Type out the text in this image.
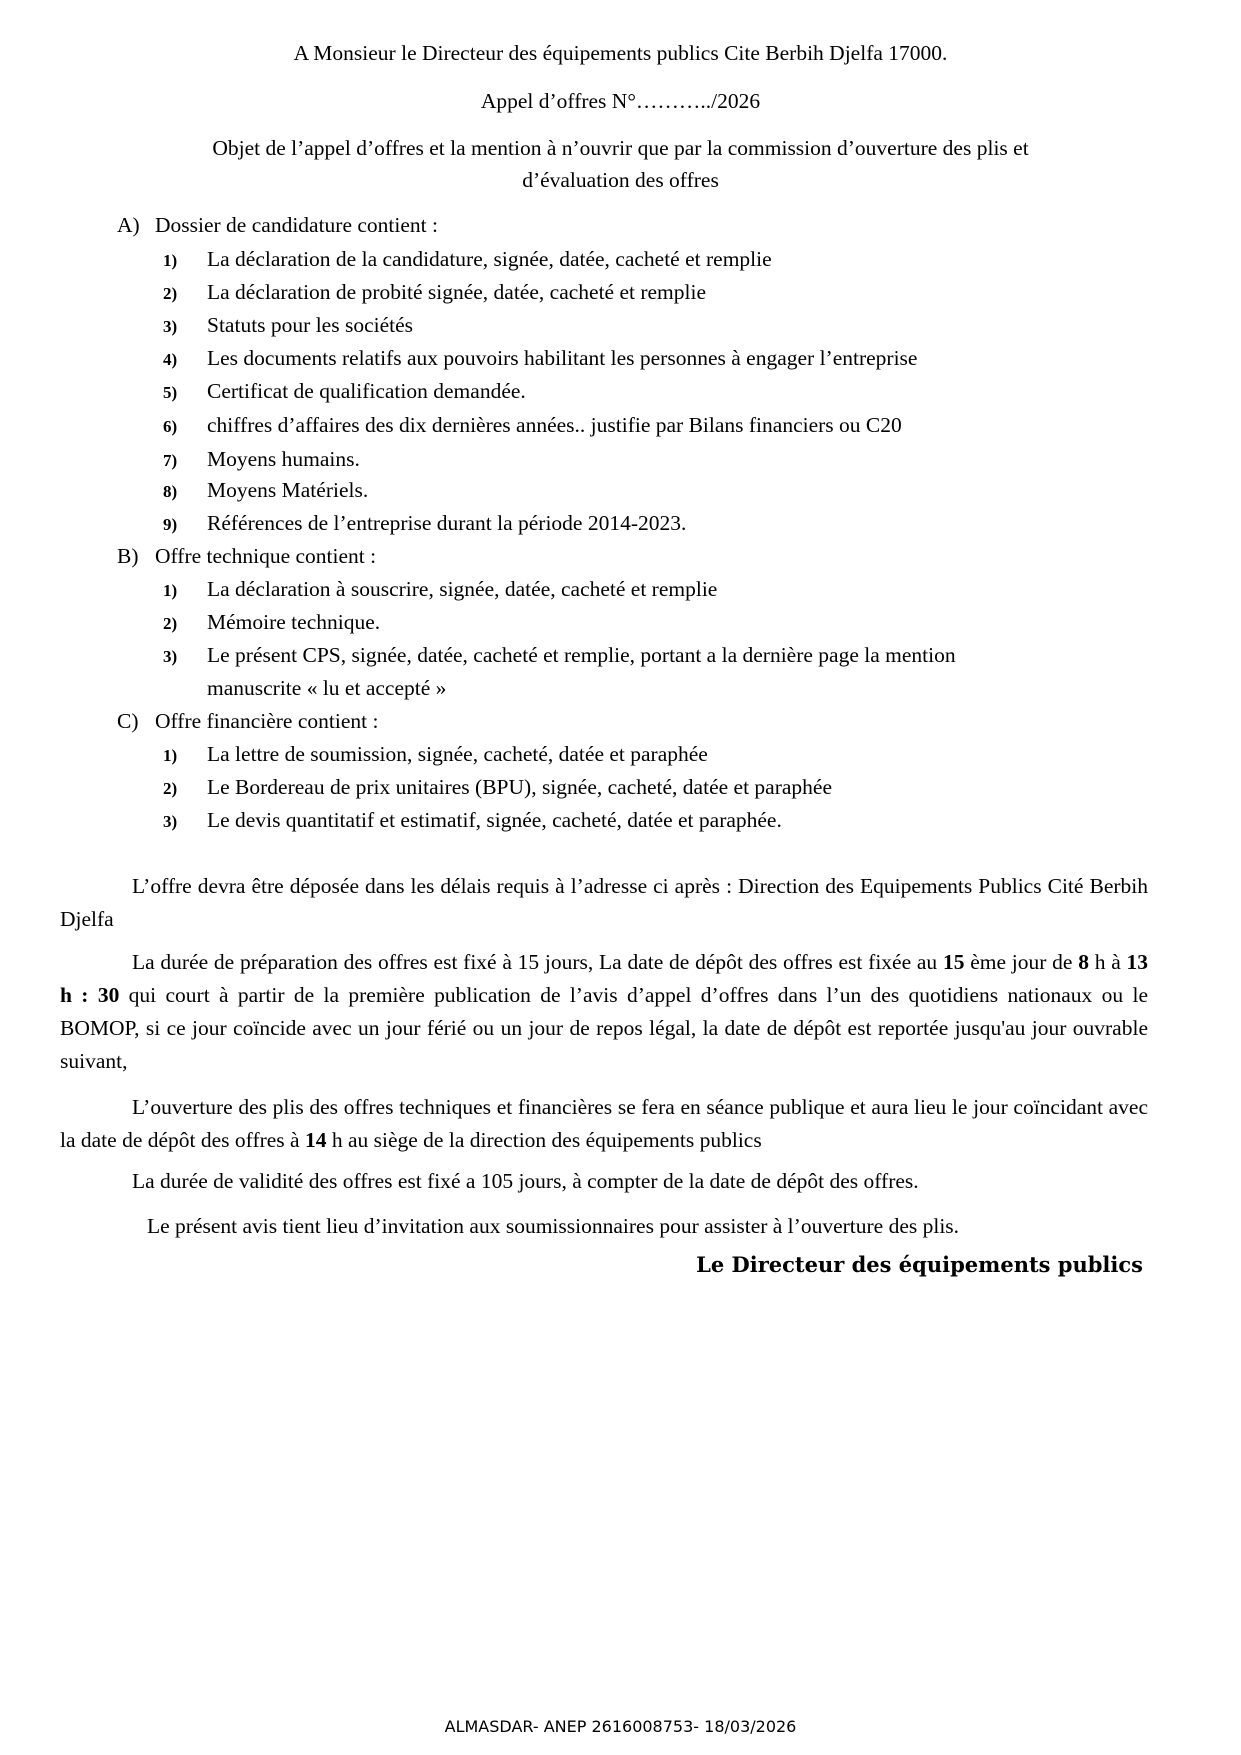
A Monsieur le Directeur des équipements publics Cite Berbih Djelfa 17000.
Appel d’offres N°………../2026
Objet de l’appel d’offres et la mention à n’ouvrir que par la commission d’ouverture des plis et
d’évaluation des offres
A) Dossier de candidature contient :
1) La déclaration de la candidature, signée, datée, cacheté et remplie
2) La déclaration de probité signée, datée, cacheté et remplie
3) Statuts pour les sociétés
4) Les documents relatifs aux pouvoirs habilitant les personnes à engager l’entreprise
5) Certificat de qualification demandée.
6) chiffres d’affaires des dix dernières années.. justifie par Bilans financiers ou C20
7) Moyens humains.
8) Moyens Matériels.
9) Références de l’entreprise durant la période 2014-2023.
B) Offre technique contient :
1) La déclaration à souscrire, signée, datée, cacheté et remplie
2) Mémoire technique.
3) Le présent CPS, signée, datée, cacheté et remplie, portant a la dernière page la mention
manuscrite « lu et accepté »
C) Offre financière contient :
1) La lettre de soumission, signée, cacheté, datée et paraphée
2) Le Bordereau de prix unitaires (BPU), signée, cacheté, datée et paraphée
3) Le devis quantitatif et estimatif, signée, cacheté, datée et paraphée.
L’offre devra être déposée dans les délais requis à l’adresse ci après : Direction des Equipements Publics Cité Berbih Djelfa
La durée de préparation des offres est fixé à 15 jours, La date de dépôt des offres est fixée au 15 ème jour de 8 h à 13 h : 30 qui court à partir de la première publication de l’avis d’appel d’offres dans l’un des quotidiens nationaux ou le BOMOP, si ce jour coïncide avec un jour férié ou un jour de repos légal, la date de dépôt est reportée jusqu'au jour ouvrable suivant,
L’ouverture des plis des offres techniques et financières se fera en séance publique et aura lieu le jour coïncidant avec la date de dépôt des offres à 14 h au siège de la direction des équipements publics
La durée de validité des offres est fixé a 105 jours, à compter de la date de dépôt des offres.
Le présent avis tient lieu d’invitation aux soumissionnaires pour assister à l’ouverture des plis.
Le Directeur des équipements publics
ALMASDAR- ANEP 2616008753- 18/03/2026
